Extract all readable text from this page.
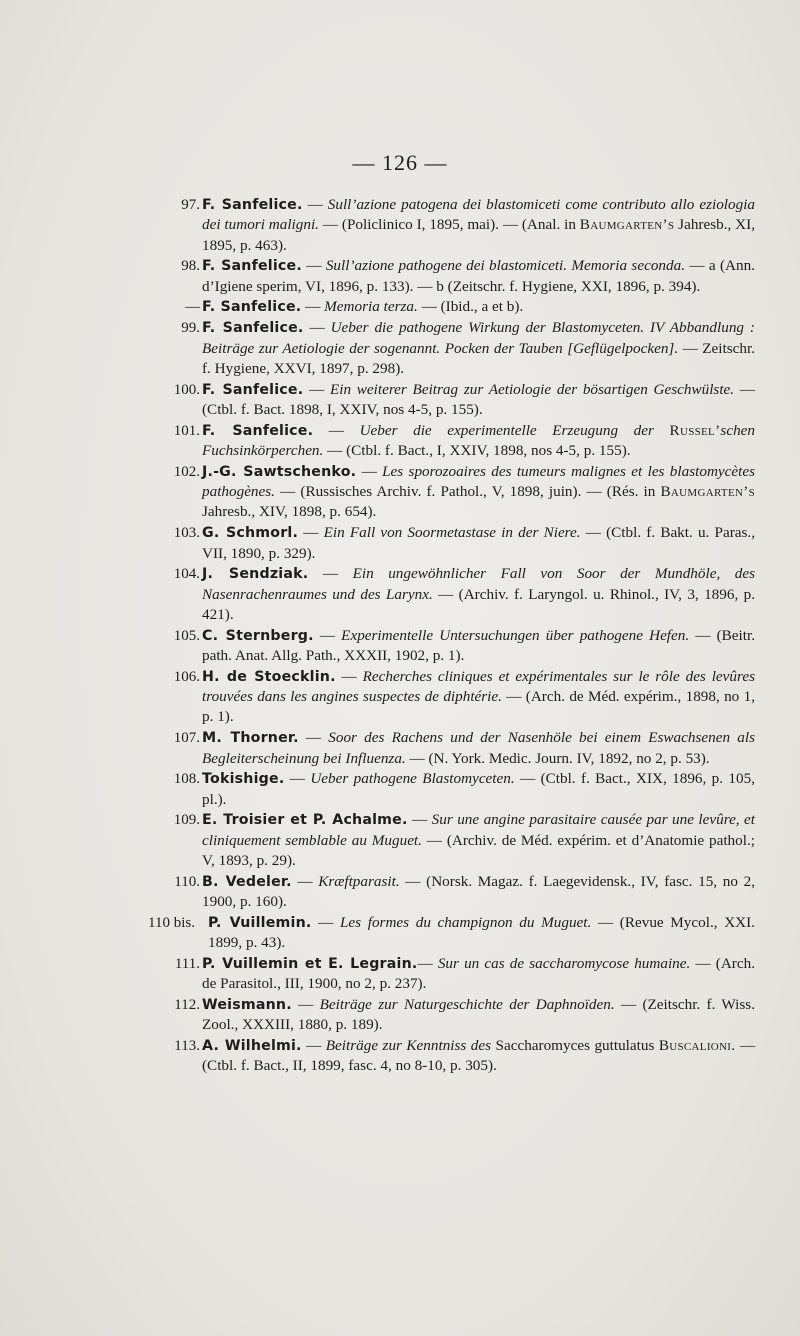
— 126 —
97. F. Sanfelice. — Sull’azione patogena dei blastomiceti come contributo allo eziologia dei tumori maligni. — (Policlinico I, 1895, mai). — (Anal. in Baumgarten’s Jahresb., XI, 1895, p. 463).
98. F. Sanfelice. — Sull’azione pathogene dei blastomiceti. Memoria seconda. — a (Ann. d’Igiene sperim, VI, 1896, p. 133). — b (Zeitschr. f. Hygiene, XXI, 1896, p. 394).
— F. Sanfelice. — Memoria terza. — (Ibid., a et b).
99. F. Sanfelice. — Ueber die pathogene Wirkung der Blastomyceten. IV Abbandlung : Beiträge zur Aetiologie der sogenannt. Pocken der Tauben [Geflügelpocken]. — Zeitschr. f. Hygiene, XXVI, 1897, p. 298).
100. F. Sanfelice. — Ein weiterer Beitrag zur Aetiologie der bösartigen Geschwülste. — (Ctbl. f. Bact. 1898, I, XXIV, nos 4-5, p. 155).
101. F. Sanfelice. — Ueber die experimentelle Erzeugung der Russel’schen Fuchsinkörperchen. — (Ctbl. f. Bact., I, XXIV, 1898, nos 4-5, p. 155).
102. J.-G. Sawtschenko. — Les sporozoaires des tumeurs malignes et les blastomycètes pathogènes. — (Russisches Archiv. f. Pathol., V, 1898, juin). — (Rés. in Baumgarten’s Jahresb., XIV, 1898, p. 654).
103. G. Schmorl. — Ein Fall von Soormetastase in der Niere. — (Ctbl. f. Bakt. u. Paras., VII, 1890, p. 329).
104. J. Sendziak. — Ein ungewöhnlicher Fall von Soor der Mundhöle, des Nasenrachenraumes und des Larynx. — (Archiv. f. Laryngol. u. Rhinol., IV, 3, 1896, p. 421).
105. C. Sternberg. — Experimentelle Untersuchungen über pathogene Hefen. — (Beitr. path. Anat. Allg. Path., XXXII, 1902, p. 1).
106. H. de Stoecklin. — Recherches cliniques et expérimentales sur le rôle des levûres trouvées dans les angines suspectes de diphtérie. — (Arch. de Méd. expérim., 1898, no 1, p. 1).
107. M. Thorner. — Soor des Rachens und der Nasenhöle bei einem Eswachsenen als Begleiterscheinung bei Influenza. — (N. York. Medic. Journ. IV, 1892, no 2, p. 53).
108. Tokishige. — Ueber pathogene Blastomyceten. — (Ctbl. f. Bact., XIX, 1896, p. 105, pl.).
109. E. Troisier et P. Achalme. — Sur une angine parasitaire causée par une levûre, et cliniquement semblable au Muguet. — (Archiv. de Méd. expérim. et d’Anatomie pathol.; V, 1893, p. 29).
110. B. Vedeler. — Kræftparasit. — (Norsk. Magaz. f. Laegevidensk., IV, fasc. 15, no 2, 1900, p. 160).
110 bis. P. Vuillemin. — Les formes du champignon du Muguet. — (Revue Mycol., XXI. 1899, p. 43).
111. P. Vuillemin et E. Legrain.— Sur un cas de saccharomycose humaine. — (Arch. de Parasitol., III, 1900, no 2, p. 237).
112. Weismann. — Beiträge zur Naturgeschichte der Daphnoïden. — (Zeitschr. f. Wiss. Zool., XXXIII, 1880, p. 189).
113. A. Wilhelmi. — Beiträge zur Kenntniss des Saccharomyces guttulatus Buscalioni. — (Ctbl. f. Bact., II, 1899, fasc. 4, no 8-10, p. 305).
